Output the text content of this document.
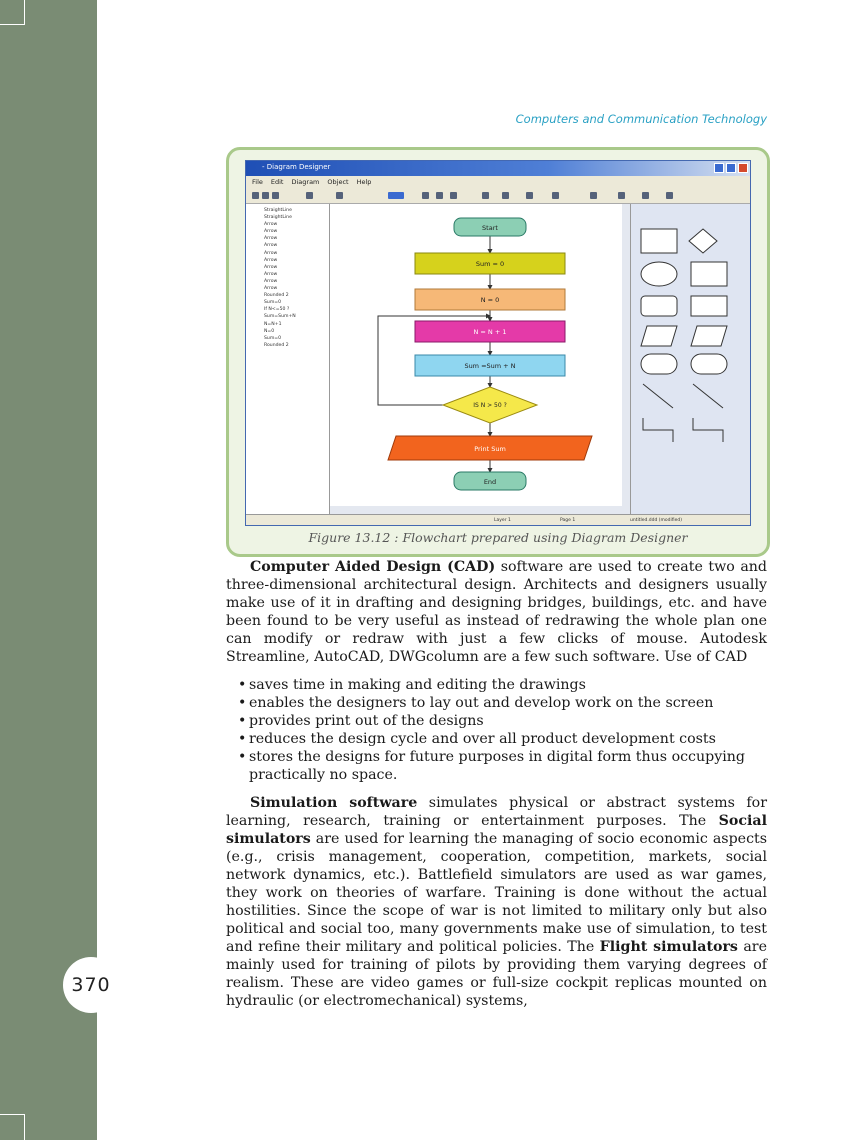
370
Computers and Communication Technology
- Diagram Designer
File Edit Diagram Object Help
StraightLine
StraightLine
Arrow
Arrow
Arrow
Arrow
Arrow
Arrow
Arrow
Arrow
Arrow
Arrow
Rounded 2
Sum=0
If N<=50 ?
Sum=Sum+N
N=N+1
N=0
Sum=0
Rounded 2
Start
Sum = 0
N = 0
N = N + 1
Sum =Sum + N
IS N > 50 ?
Print Sum
End
Layer 1	Page 1	untitled.ddd (modified)
Figure 13.12 : Flowchart prepared using Diagram Designer

Computer Aided Design (CAD) software are used to create two and three-dimensional architectural design. Architects and designers usually make use of it in drafting and designing bridges, buildings, etc. and have been found to be very useful as instead of redrawing the whole plan one can modify or redraw with just a few clicks of mouse. Autodesk Streamline, AutoCAD, DWGcolumn are a few such software. Use of CAD

• saves time in making and editing the drawings
• enables the designers to lay out and develop work on the screen
• provides print out of the designs
• reduces the design cycle and over all product development costs
• stores the designs for future purposes in digital form thus occupying practically no space.

Simulation software simulates physical or abstract systems for learning, research, training or entertainment purposes. The Social simulators are used for learning the managing of socio economic aspects (e.g., crisis management, cooperation, competition, markets, social network dynamics, etc.). Battlefield simulators are used as war games, they work on theories of warfare. Training is done without the actual hostilities. Since the scope of war is not limited to military only but also political and social too, many governments make use of simulation, to test and refine their military and political policies. The Flight simulators are mainly used for training of pilots by providing them varying degrees of realism. These are video games or full-size cockpit replicas mounted on hydraulic (or electromechanical) systems,
